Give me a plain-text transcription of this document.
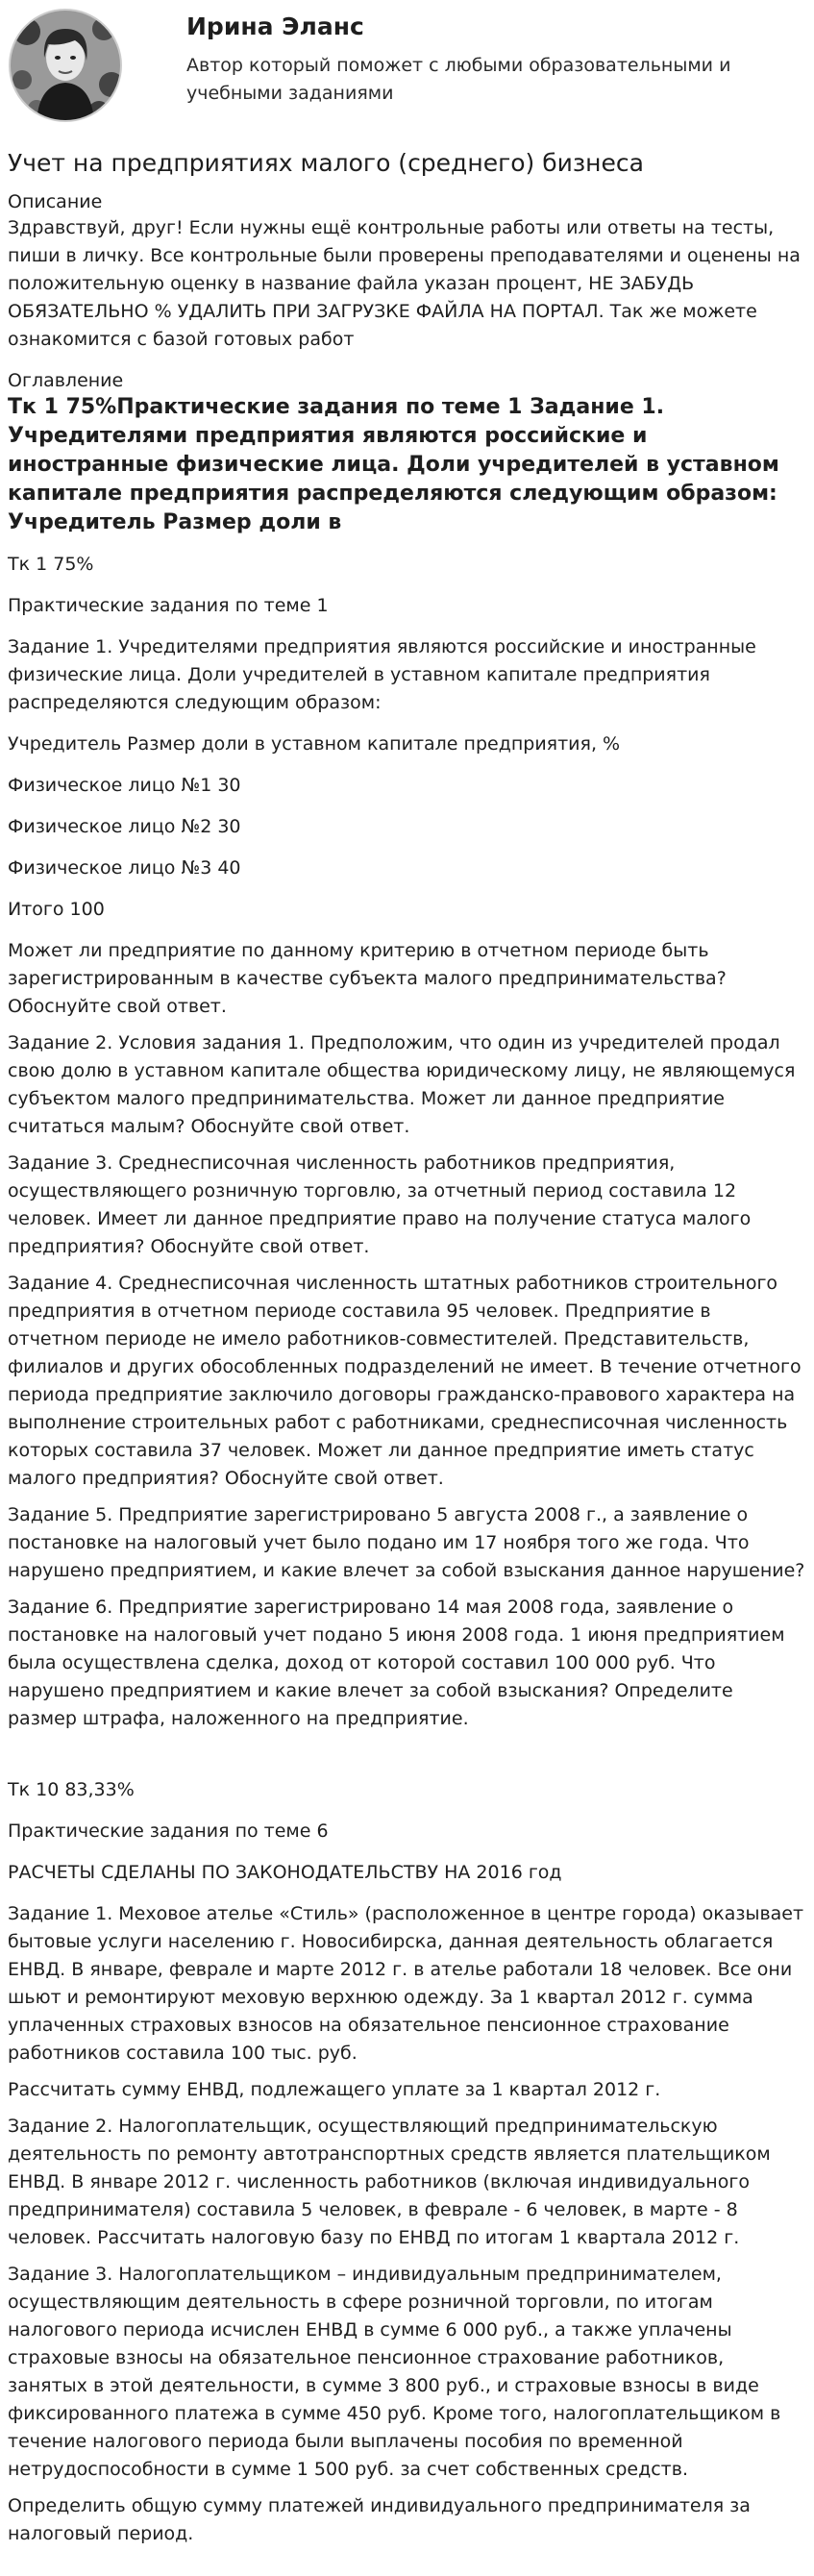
Ирина Эланс
Автор который поможет с любыми образовательными и учебными заданиями
Учет на предприятиях малого (среднего) бизнеса
Описание
Здравствуй, друг! Если нужны ещё контрольные работы или ответы на тесты, пиши в личку. Все контрольные были проверены преподавателями и оценены на положительную оценку в название файла указан процент, НЕ ЗАБУДЬ ОБЯЗАТЕЛЬНО % УДАЛИТЬ ПРИ ЗАГРУЗКЕ ФАЙЛА НА ПОРТАЛ. Так же можете ознакомится с базой готовых работ
Оглавление
Тк 1 75%Практические задания по теме 1 Задание 1. Учредителями предприятия являются российские и иностранные физические лица. Доли учредителей в уставном капитале предприятия распределяются следующим образом: Учредитель Размер доли в

Тк 1 75%

Практические задания по теме 1

Задание 1. Учредителями предприятия являются российские и иностранные физические лица. Доли учредителей в уставном капитале предприятия распределяются следующим образом:

Учредитель Размер доли в уставном капитале предприятия, %

Физическое лицо №1 30

Физическое лицо №2 30

Физическое лицо №3 40

Итого 100

Может ли предприятие по данному критерию в отчетном периоде быть зарегистрированным в качестве субъекта малого предпринимательства? Обоснуйте свой ответ.

Задание 2. Условия задания 1. Предположим, что один из учредителей продал свою долю в уставном капитале общества юридическому лицу, не являющемуся субъектом малого предпринимательства. Может ли данное предприятие считаться малым? Обоснуйте свой ответ.

Задание 3. Среднесписочная численность работников предприятия, осуществляющего розничную торговлю, за отчетный период составила 12 человек. Имеет ли данное предприятие право на получение статуса малого предприятия? Обоснуйте свой ответ.

Задание 4. Среднесписочная численность штатных работников строительного предприятия в отчетном периоде составила 95 человек. Предприятие в отчетном периоде не имело работников-совместителей. Представительств, филиалов и других обособленных подразделений не имеет. В течение отчетного периода предприятие заключило договоры гражданско-правового характера на выполнение строительных работ с работниками, среднесписочная численность которых составила 37 человек. Может ли данное предприятие иметь статус малого предприятия? Обоснуйте свой ответ.

Задание 5. Предприятие зарегистрировано 5 августа 2008 г., а заявление о постановке на налоговый учет было подано им 17 ноября того же года. Что нарушено предприятием, и какие влечет за собой взыскания данное нарушение?

Задание 6. Предприятие зарегистрировано 14 мая 2008 года, заявление о постановке на налоговый учет подано 5 июня 2008 года. 1 июня предприятием была осуществлена сделка, доход от которой составил 100 000 руб. Что нарушено предприятием и какие влечет за собой взыскания? Определите размер штрафа, наложенного на предприятие.

Тк 10 83,33%

Практические задания по теме 6

РАСЧЕТЫ СДЕЛАНЫ ПО ЗАКОНОДАТЕЛЬСТВУ НА 2016 год

Задание 1. Меховое ателье «Стиль» (расположенное в центре города) оказывает бытовые услуги населению г. Новосибирска, данная деятельность облагается ЕНВД. В январе, феврале и марте 2012 г. в ателье работали 18 человек. Все они шьют и ремонтируют меховую верхнюю одежду. За 1 квартал 2012 г. сумма уплаченных страховых взносов на обязательное пенсионное страхование работников составила 100 тыс. руб.

Рассчитать сумму ЕНВД, подлежащего уплате за 1 квартал 2012 г.

Задание 2. Налогоплательщик, осуществляющий предпринимательскую деятельность по ремонту автотранспортных средств является плательщиком ЕНВД. В январе 2012 г. численность работников (включая индивидуального предпринимателя) составила 5 человек, в феврале - 6 человек, в марте - 8 человек. Рассчитать налоговую базу по ЕНВД по итогам 1 квартала 2012 г.

Задание 3. Налогоплательщиком – индивидуальным предпринимателем, осуществляющим деятельность в сфере розничной торговли, по итогам налогового периода исчислен ЕНВД в сумме 6 000 руб., а также уплачены страховые взносы на обязательное пенсионное страхование работников, занятых в этой деятельности, в сумме 3 800 руб., и страховые взносы в виде фиксированного платежа в сумме 450 руб. Кроме того, налогоплательщиком в течение налогового периода были выплачены пособия по временной нетрудоспособности в сумме 1 500 руб. за счет собственных средств.

Определить общую сумму платежей индивидуального предпринимателя за налоговый период.
